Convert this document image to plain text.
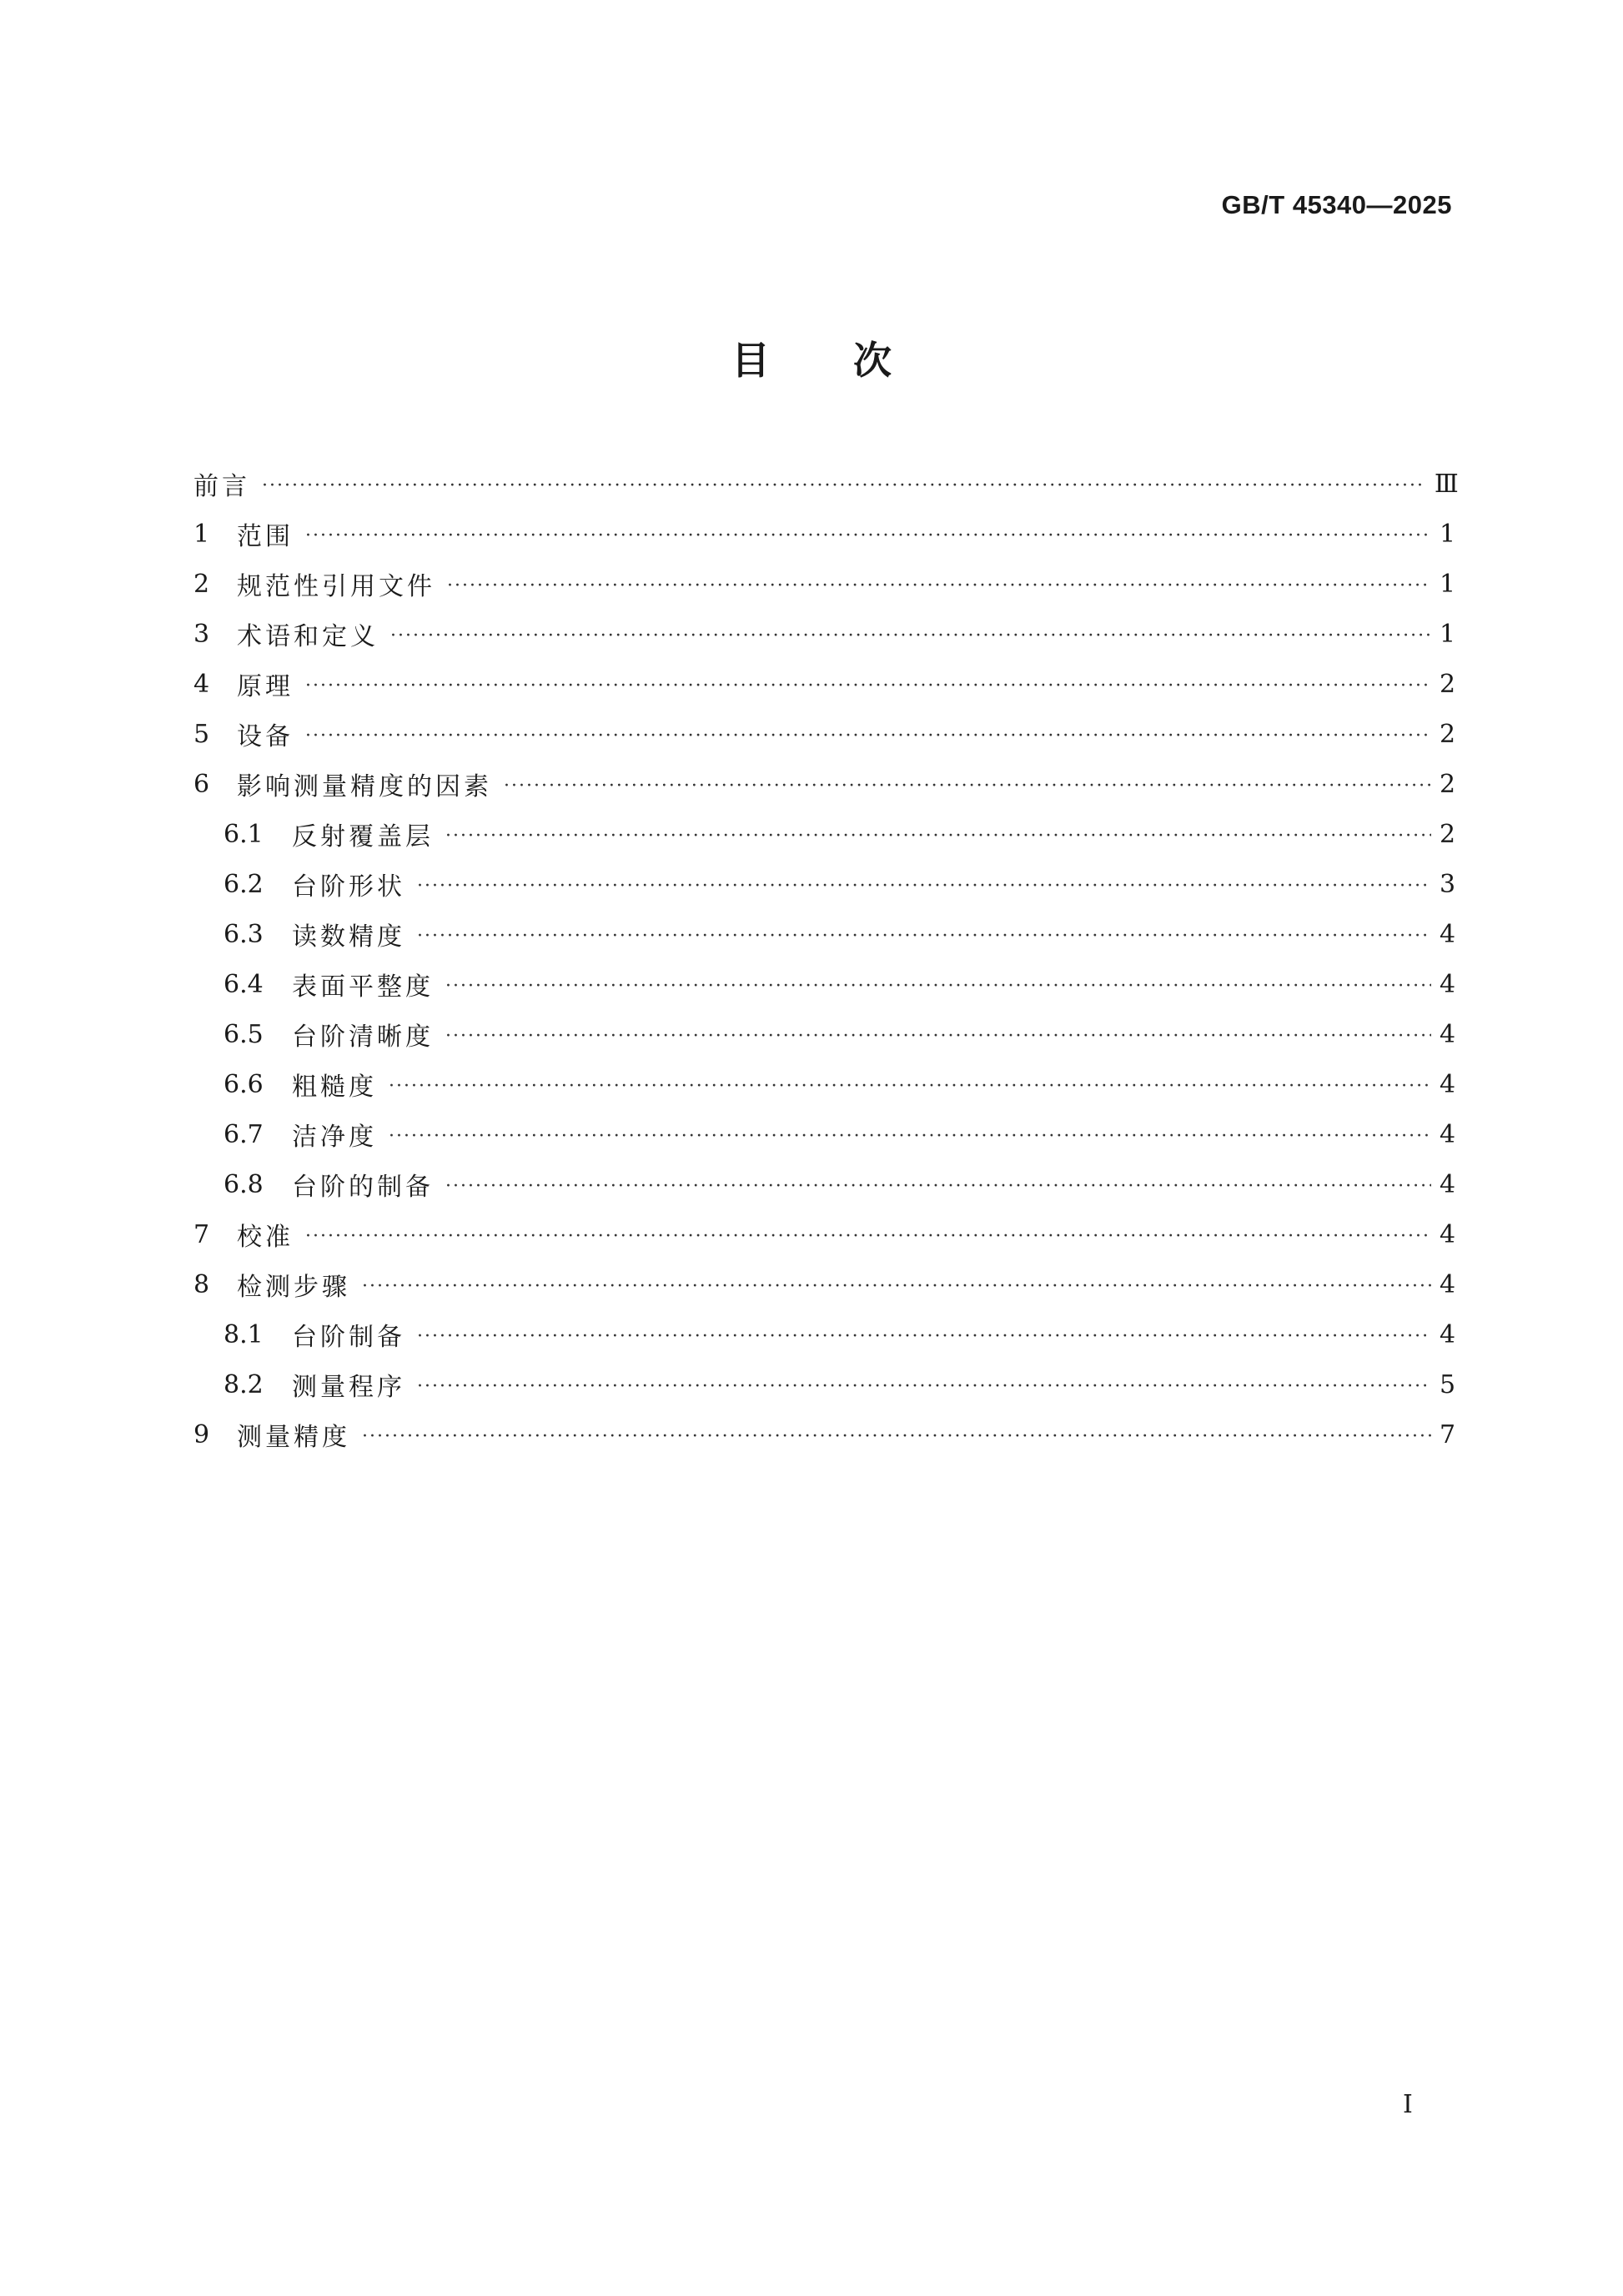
GB/T 45340—2025
目次
前言 ·····	Ⅲ
1	范围 ·····	1
2	规范性引用文件 ·····	1
3	术语和定义 ·····	1
4	原理 ·····	2
5	设备 ·····	2
6	影响测量精度的因素 ·····	2
6.1	反射覆盖层 ·····	2
6.2	台阶形状 ·····	3
6.3	读数精度 ·····	4
6.4	表面平整度 ·····	4
6.5	台阶清晰度 ·····	4
6.6	粗糙度 ·····	4
6.7	洁净度 ·····	4
6.8	台阶的制备 ·····	4
7	校准 ·····	4
8	检测步骤 ·····	4
8.1	台阶制备 ·····	4
8.2	测量程序 ·····	5
9	测量精度 ·····	7
I
